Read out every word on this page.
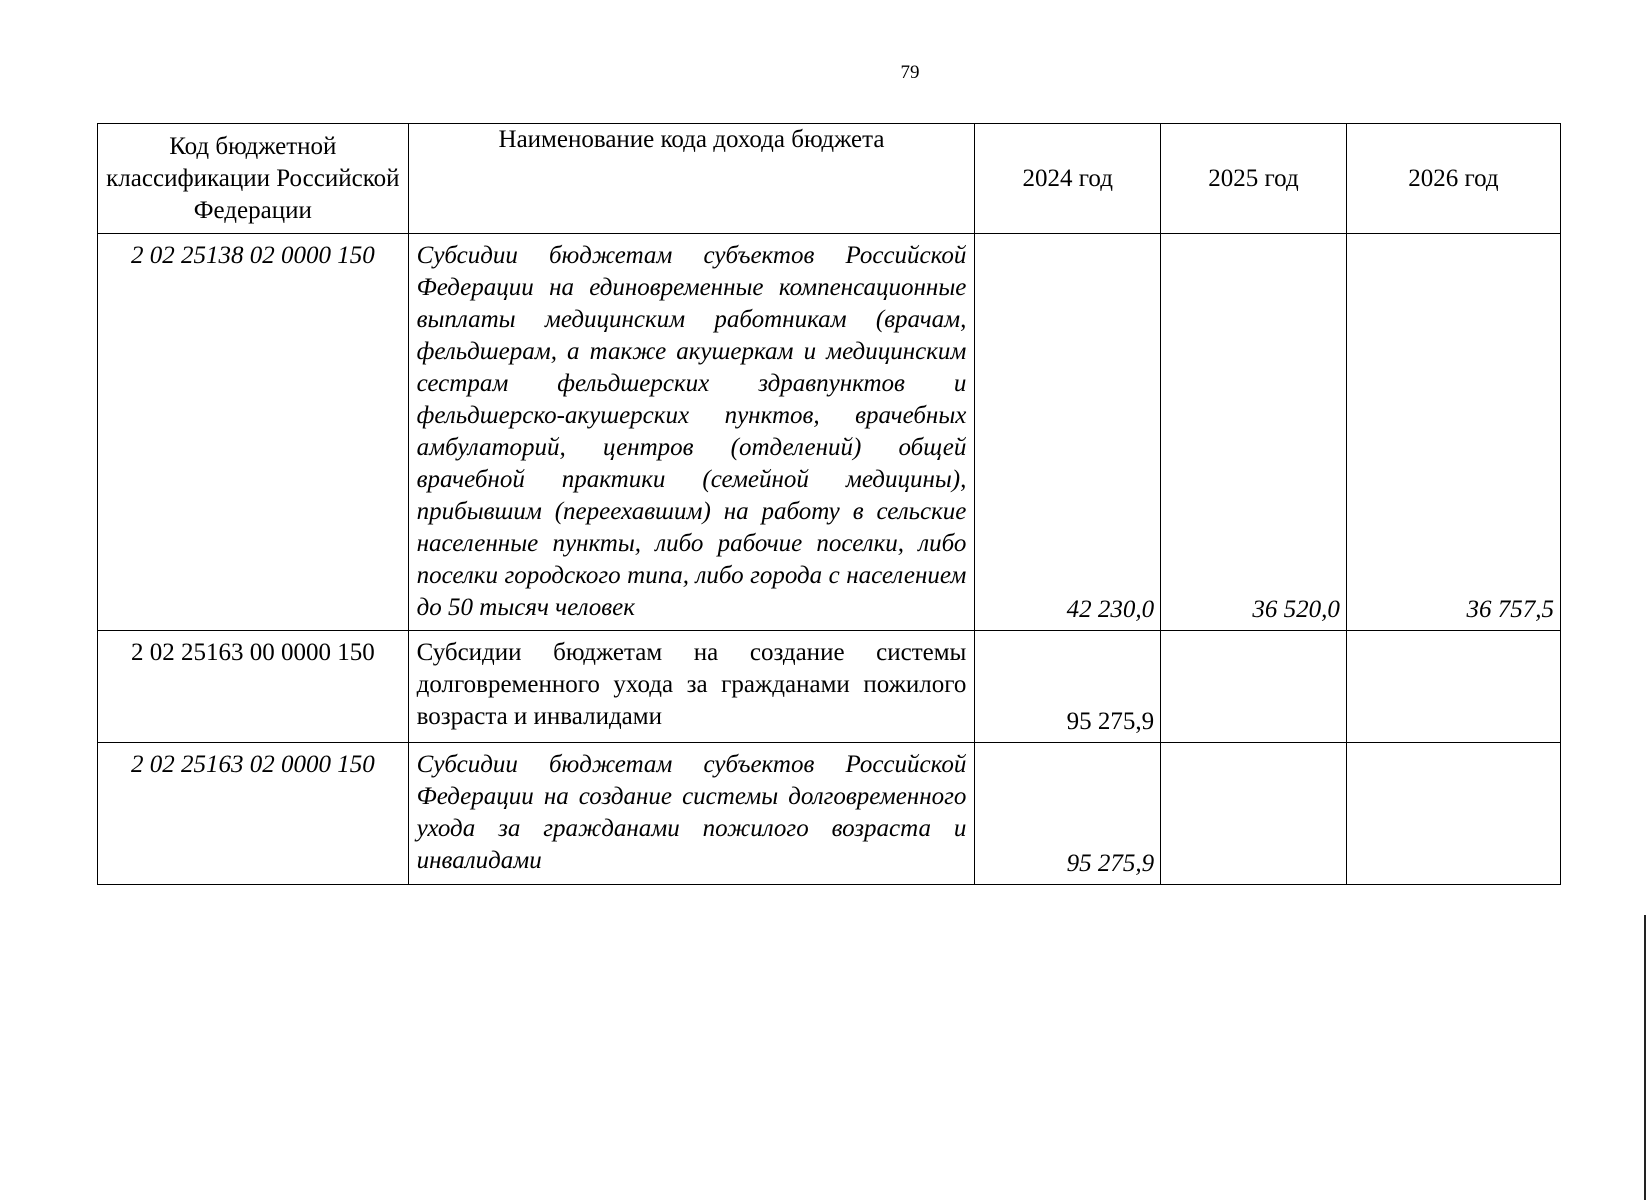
79
Код бюджетной классификации Российской Федерации	Наименование кода дохода бюджета	2024 год	2025 год	2026 год
2 02 25138 02 0000 150	Субсидии бюджетам субъектов Российской Федерации на единовременные компенсационные выплаты медицинским работникам (врачам, фельдшерам, а также акушеркам и медицинским сестрам фельдшерских здравпунктов и фельдшерско-акушерских пунктов, врачебных амбулаторий, центров (отделений) общей врачебной практики (семейной медицины), прибывшим (переехавшим) на работу в сельские населенные пункты, либо рабочие поселки, либо поселки городского типа, либо города с населением до 50 тысяч человек	42 230,0	36 520,0	36 757,5
2 02 25163 00 0000 150	Субсидии бюджетам на создание системы долговременного ухода за гражданами пожилого возраста и инвалидами	95 275,9		
2 02 25163 02 0000 150	Субсидии бюджетам субъектов Российской Федерации на создание системы долговременного ухода за гражданами пожилого возраста и инвалидами	95 275,9		
